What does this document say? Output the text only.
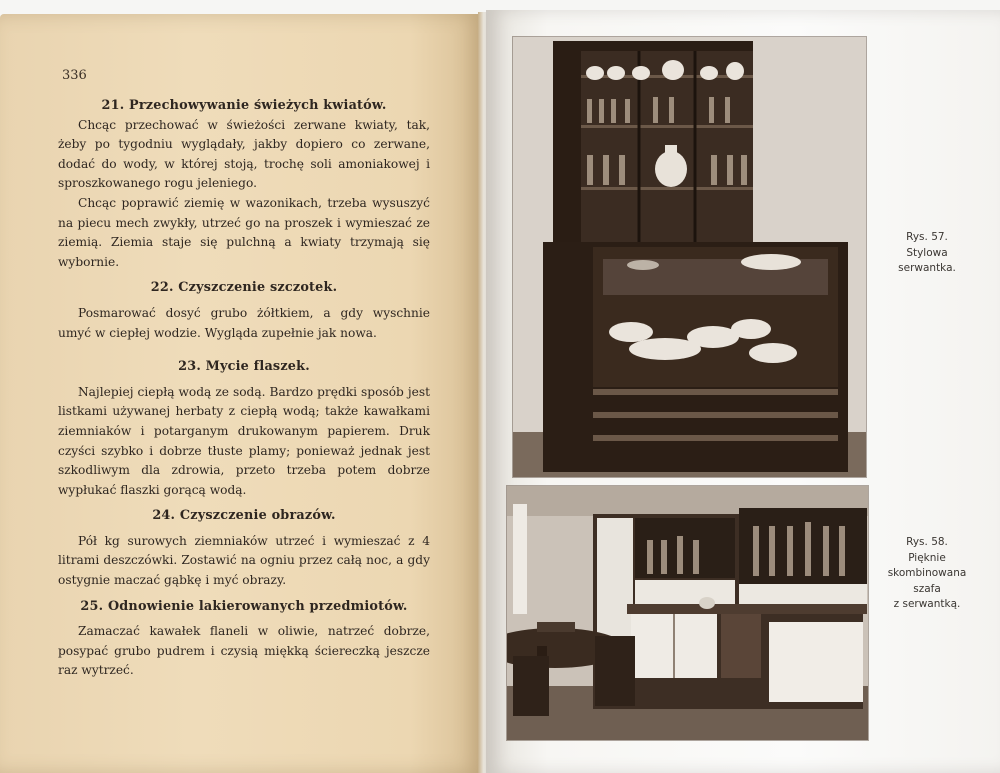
336

21. Przechowywanie świeżych kwiatów.

Chcąc przechować w świeżości zerwane kwiaty, tak, żeby po tygodniu wyglądały, jakby dopiero co zerwane, dodać do wody, w której stoją, trochę soli amoniakowej i sproszkowanego rogu jeleniego.

Chcąc poprawić ziemię w wazonikach, trzeba wysuszyć na piecu mech zwykły, utrzeć go na proszek i wymieszać ze ziemią. Ziemia staje się pulchną a kwiaty trzymają się wybornie.

22. Czyszczenie szczotek.

Posmarować dosyć grubo żółtkiem, a gdy wyschnie umyć w ciepłej wodzie. Wygląda zupełnie jak nowa.

23. Mycie flaszek.

Najlepiej ciepłą wodą ze sodą. Bardzo prędki sposób jest listkami używanej herbaty z ciepłą wodą; także kawałkami ziemniaków i potarganym drukowanym papierem. Druk czyści szybko i dobrze tłuste plamy; ponieważ jednak jest szkodliwym dla zdrowia, przeto trzeba potem dobrze wypłukać flaszki gorącą wodą.

24. Czyszczenie obrazów.

Pół kg surowych ziemniaków utrzeć i wymieszać z 4 litrami deszczówki. Zostawić na ogniu przez całą noc, a gdy ostygnie maczać gąbkę i myć obrazy.

25. Odnowienie lakierowanych przedmiotów.

Zamaczać kawałek flaneli w oliwie, natrzeć dobrze, posypać grubo pudrem i czysią miękką ściereczką jeszcze raz wytrzeć.

Rys. 57.
Stylowa
serwantka.
Rys. 58.
Pięknie
skombinowana
szafa
z serwantką.
